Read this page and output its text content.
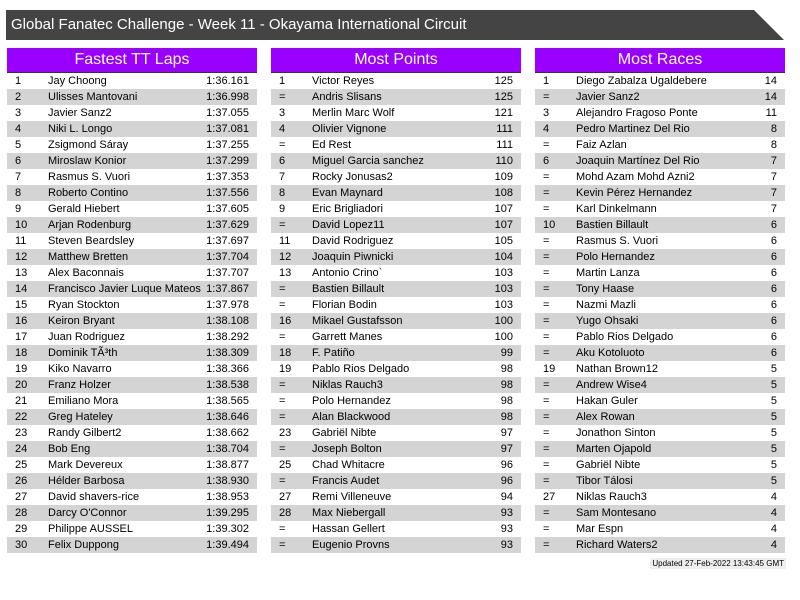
Global Fanatec Challenge - Week 11 - Okayama International Circuit
Fastest TT Laps
1 Jay Choong	1:36.161
2 Ulisses Mantovani	1:36.998
3 Javier Sanz2	1:37.055
4 Niki L. Longo	1:37.081
5 Zsigmond Sáray	1:37.255
6 Miroslaw Konior	1:37.299
7 Rasmus S. Vuori	1:37.353
8 Roberto Contino	1:37.556
9 Gerald Hiebert	1:37.605
10 Arjan Rodenburg	1:37.629
11 Steven Beardsley	1:37.697
12 Matthew Bretten	1:37.704
13 Alex Baconnais	1:37.707
14 Francisco Javier Luque Mateos 1:37.867
15 Ryan Stockton	1:37.978
16 Keiron Bryant	1:38.108
17 Juan Rodriguez	1:38.292
18 Dominik TÃ³th	1:38.309
19 Kiko Navarro	1:38.366
20 Franz Holzer	1:38.538
21 Emiliano Mora	1:38.565
22 Greg Hateley	1:38.646
23 Randy Gilbert2	1:38.662
24 Bob Eng	1:38.704
25 Mark Devereux	1:38.877
26 Hélder Barbosa	1:38.930
27 David shavers-rice	1:38.953
28 Darcy O'Connor	1:39.295
29 Philippe AUSSEL	1:39.302
30 Felix Duppong	1:39.494
Most Points
1 Victor Reyes	125
= Andris Slisans	125
3 Merlin Marc Wolf	121
4 Olivier Vignone	111
= Ed Rest	111
6 Miguel Garcia sanchez	110
7 Rocky Jonusas2	109
8 Evan Maynard	108
9 Eric Brigliadori	107
= David Lopez11	107
11 David Rodriguez	105
12 Joaquin Piwnicki	104
13 Antonio Crino`	103
= Bastien Billault	103
= Florian Bodin	103
16 Mikael Gustafsson	100
= Garrett Manes	100
18 F. Patiño	99
19 Pablo Rios Delgado	98
= Niklas Rauch3	98
= Polo Hernandez	98
= Alan Blackwood	98
23 Gabriël Nibte	97
= Joseph Bolton	97
25 Chad Whitacre	96
= Francis Audet	96
27 Remi Villeneuve	94
28 Max Niebergall	93
= Hassan Gellert	93
= Eugenio Provns	93
Most Races
1 Diego Zabalza Ugaldebere	14
= Javier Sanz2	14
3 Alejandro Fragoso Ponte	11
4 Pedro Martinez Del Rio	8
= Faiz Azlan	8
6 Joaquin Martínez Del Rio	7
= Mohd Azam Mohd Azni2	7
= Kevin Pérez Hernandez	7
= Karl Dinkelmann	7
10 Bastien Billault	6
= Rasmus S. Vuori	6
= Polo Hernandez	6
= Martin Lanza	6
= Tony Haase	6
= Nazmi Mazli	6
= Yugo Ohsaki	6
= Pablo Rios Delgado	6
= Aku Kotoluoto	6
19 Nathan Brown12	5
= Andrew Wise4	5
= Hakan Guler	5
= Alex Rowan	5
= Jonathon Sinton	5
= Marten Ojapold	5
= Gabriël Nibte	5
= Tibor Tálosi	5
27 Niklas Rauch3	4
= Sam Montesano	4
= Mar Espn	4
= Richard Waters2	4
Updated 27-Feb-2022 13:43:45 GMT
